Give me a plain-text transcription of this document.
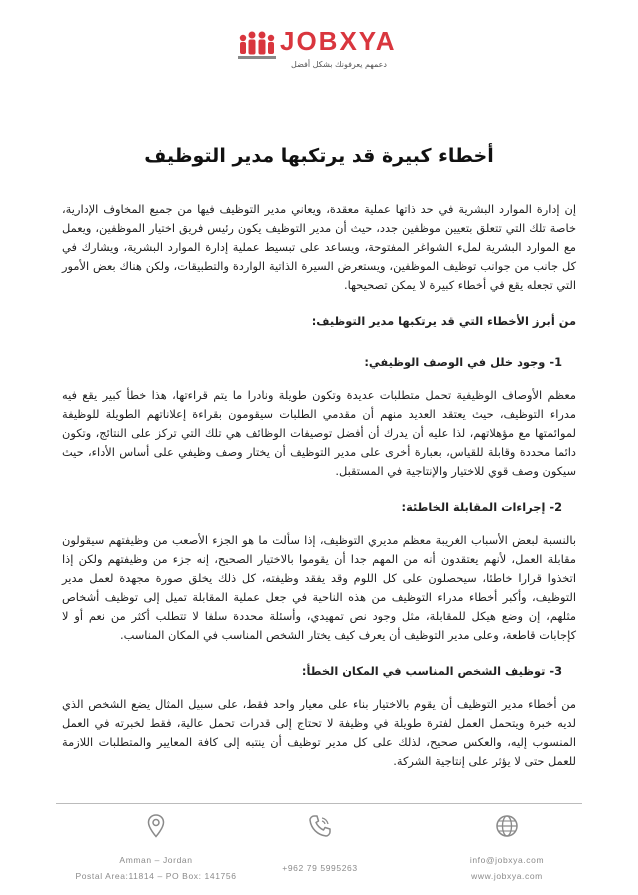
JOBXYA
دعمهم يعرفونك بشكل أفضل
أخطاء كبيرة قد يرتكبها مدير التوظيف

إن إدارة الموارد البشرية في حد ذاتها عملية معقدة، ويعاني مدير التوظيف فيها من جميع المخاوف الإدارية، خاصة تلك التي تتعلق بتعيين موظفين جدد، حيث أن مدير التوظيف يكون رئيس فريق اختيار الموظفين، ويعمل مع الموارد البشرية لملء الشواغر المفتوحة، ويساعد على تبسيط عملية إدارة الموارد البشرية، ويشارك في كل جانب من جوانب توظيف الموظفين، ويستعرض السيرة الذاتية الواردة والتطبيقات، ولكن هناك بعض الأمور التي تجعله يقع في أخطاء كبيرة لا يمكن تصحيحها.

من أبرز الأخطاء التي قد يرتكبها مدير التوظيف:

1- وجود خلل في الوصف الوظيفي:

معظم الأوصاف الوظيفية تحمل متطلبات عديدة وتكون طويلة ونادرا ما يتم قراءتها، هذا خطأ كبير يقع فيه مدراء التوظيف، حيث يعتقد العديد منهم أن مقدمي الطلبات سيقومون بقراءة إعلاناتهم الطويلة للوظيفة لموائمتها مع مؤهلاتهم، لذا عليه أن يدرك أن أفضل توصيفات الوظائف هي تلك التي تركز على النتائج، وتكون دائما محددة وقابلة للقياس، بعبارة أخرى على مدير التوظيف أن يختار وصف وظيفي على أساس الأداء، حيث سيكون وصف قوي للاختيار والإنتاجية في المستقبل.

2- إجراءات المقابلة الخاطئة:

بالنسبة لبعض الأسباب الغريبة معظم مديري التوظيف، إذا سألت ما هو الجزء الأصعب من وظيفتهم سيقولون مقابلة العمل، لأنهم يعتقدون أنه من المهم جدا أن يقوموا بالاختيار الصحيح، إنه جزء من وظيفتهم ولكن إذا اتخذوا قرارا خاطئا، سيحصلون على كل اللوم وقد يفقد وظيفته، كل ذلك يخلق صورة مجهدة لعمل مدير التوظيف، وأكبر أخطاء مدراء التوظيف من هذه الناحية في جعل عملية المقابلة تميل إلى توظيف أشخاص مثلهم، إن وضع هيكل للمقابلة، مثل وجود نص تمهيدي، وأسئلة محددة سلفا لا تتطلب أكثر من نعم أو لا كإجابات قاطعة، وعلى مدير التوظيف أن يعرف كيف يختار الشخص المناسب في المكان المناسب.

3- توظيف الشخص المناسب في المكان الخطأ:

من أخطاء مدير التوظيف أن يقوم بالاختيار بناء على معيار واحد فقط، على سبيل المثال يضع الشخص الذي لديه خبرة ويتحمل العمل لفترة طويلة في وظيفة لا تحتاج إلى قدرات تحمل عالية، فقط لخبرته في العمل المنسوب إليه، والعكس صحيح، لذلك على كل مدير توظيف أن ينتبه إلى كافة المعايير والمتطلبات اللازمة للعمل حتى لا يؤثر على إنتاجية الشركة.

Amman – Jordan
Postal Area:11814 – PO Box: 141756
+962 79 5995263
info@jobxya.com
www.jobxya.com
